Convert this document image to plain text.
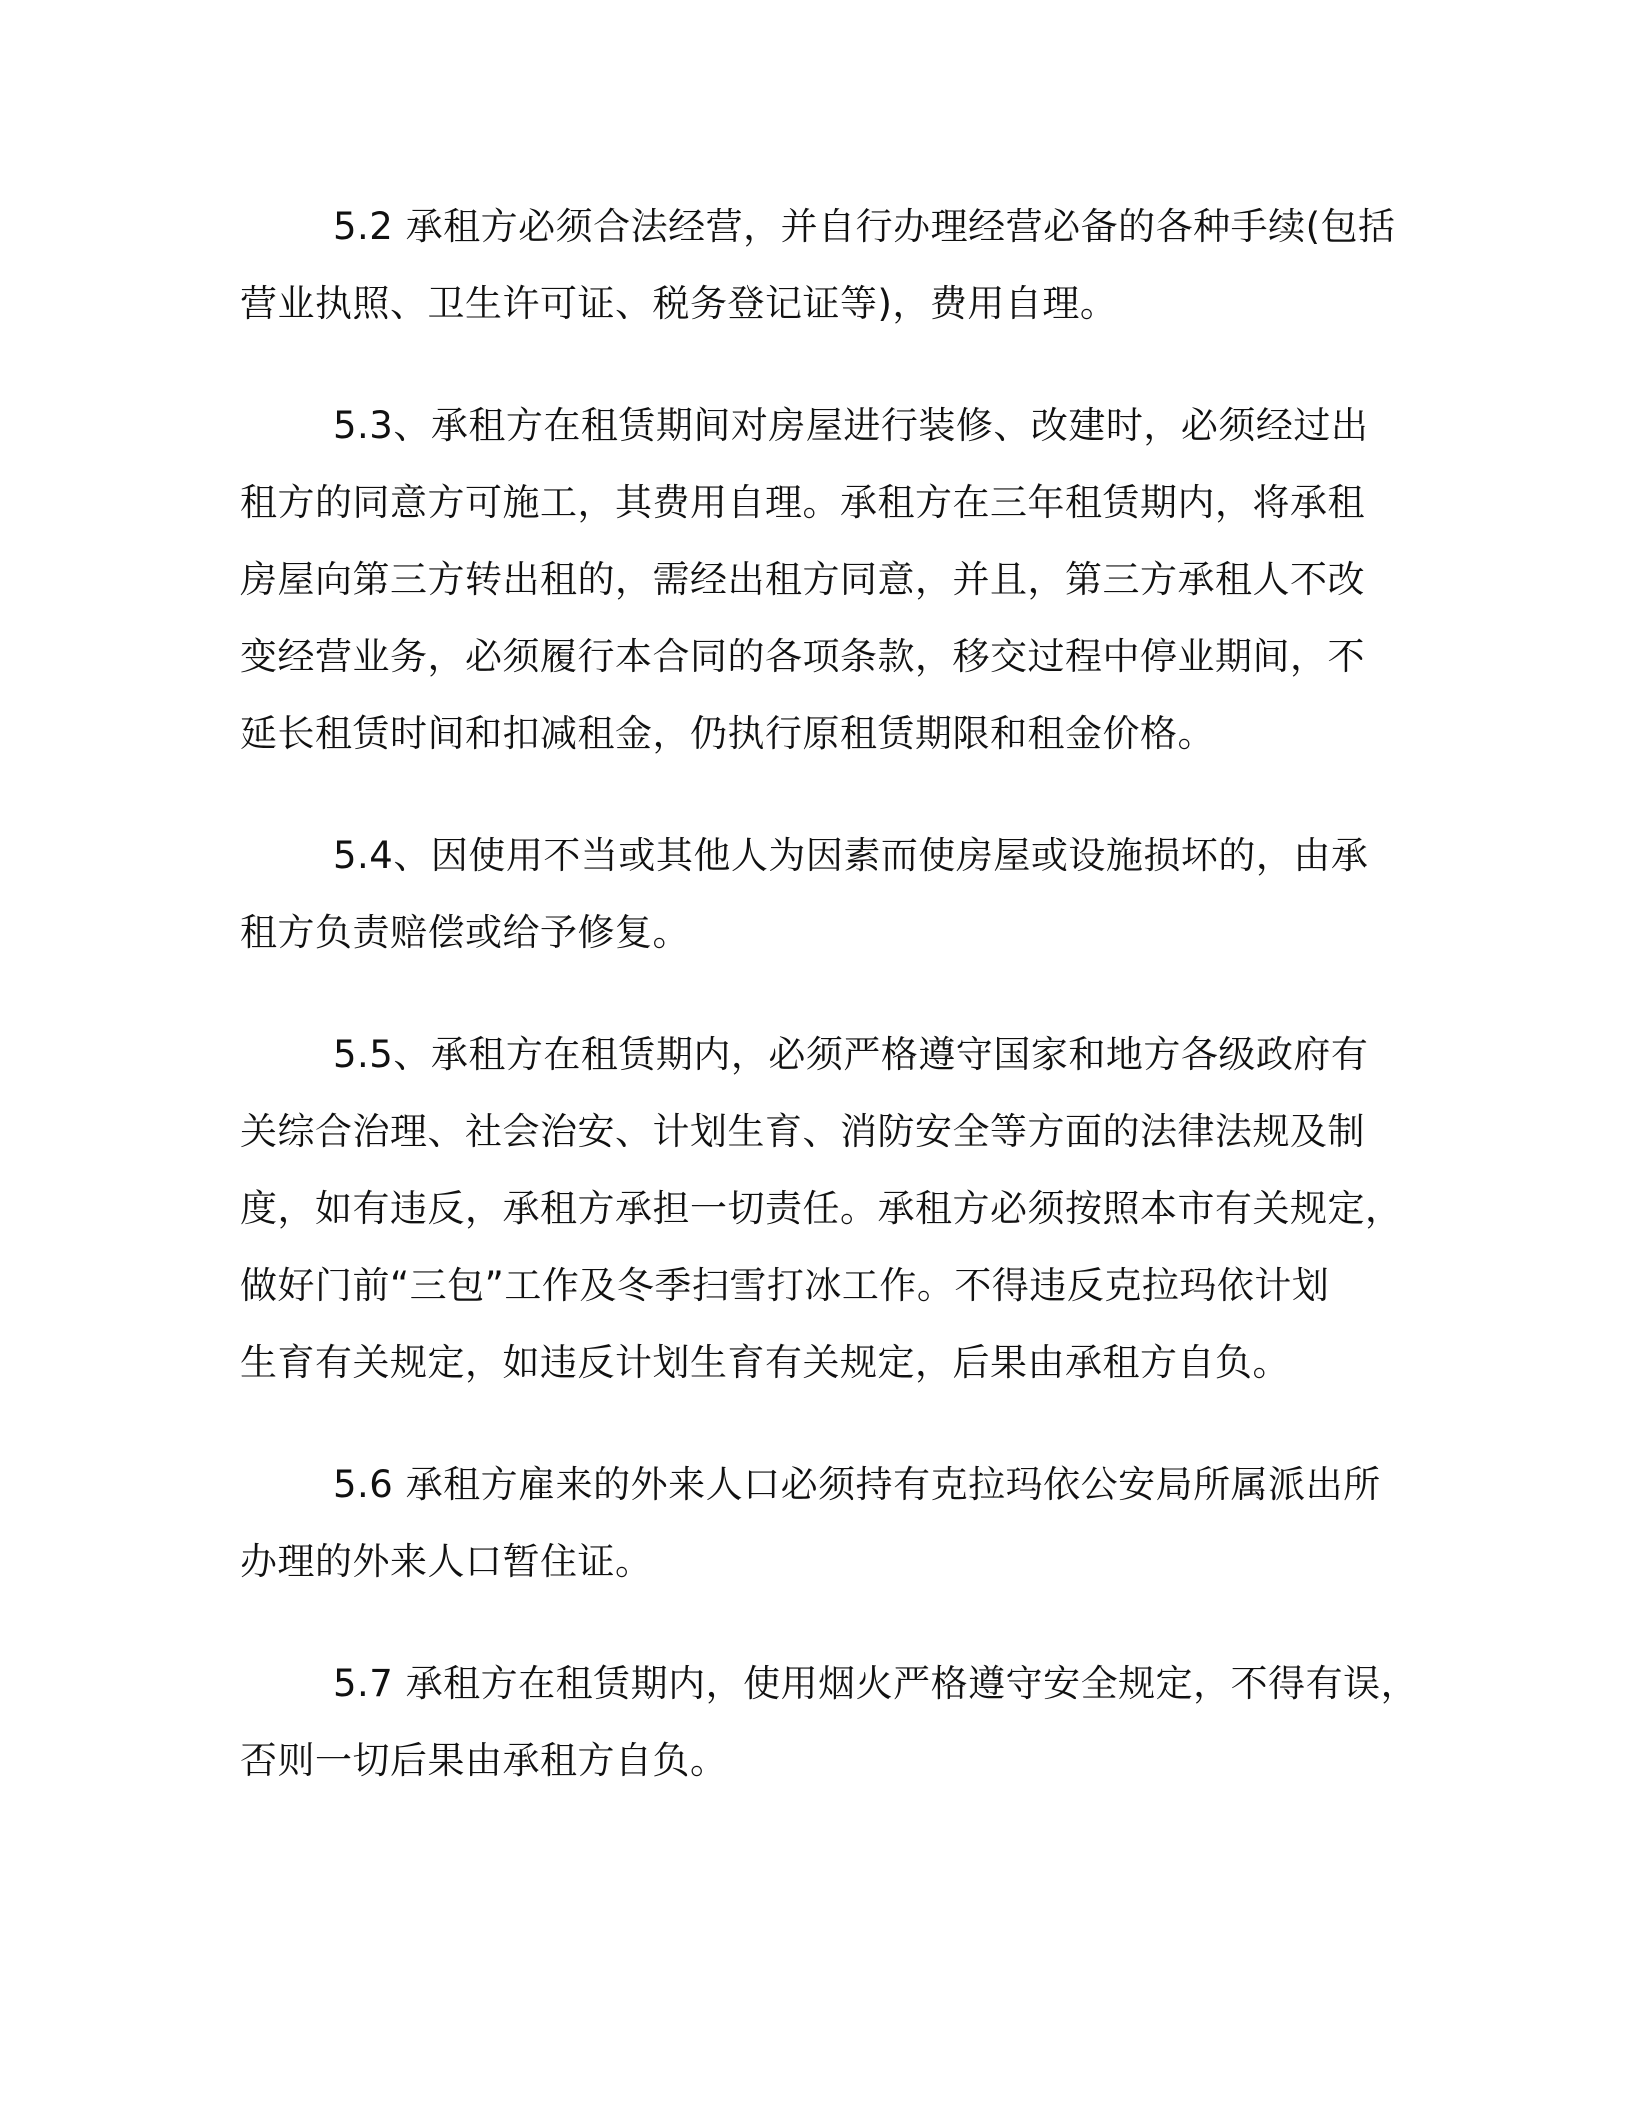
5.2 承租方必须合法经营，并自行办理经营必备的各种手续(包括
营业执照、卫生许可证、税务登记证等)，费用自理。

5.3、承租方在租赁期间对房屋进行装修、改建时，必须经过出
租方的同意方可施工，其费用自理。承租方在三年租赁期内，将承租
房屋向第三方转出租的，需经出租方同意，并且，第三方承租人不改
变经营业务，必须履行本合同的各项条款，移交过程中停业期间，不
延长租赁时间和扣减租金，仍执行原租赁期限和租金价格。

5.4、因使用不当或其他人为因素而使房屋或设施损坏的，由承
租方负责赔偿或给予修复。

5.5、承租方在租赁期内，必须严格遵守国家和地方各级政府有
关综合治理、社会治安、计划生育、消防安全等方面的法律法规及制
度，如有违反，承租方承担一切责任。承租方必须按照本市有关规定，
做好门前“三包”工作及冬季扫雪打冰工作。不得违反克拉玛依计划
生育有关规定，如违反计划生育有关规定，后果由承租方自负。

5.6 承租方雇来的外来人口必须持有克拉玛依公安局所属派出所
办理的外来人口暂住证。

5.7 承租方在租赁期内，使用烟火严格遵守安全规定，不得有误，
否则一切后果由承租方自负。
